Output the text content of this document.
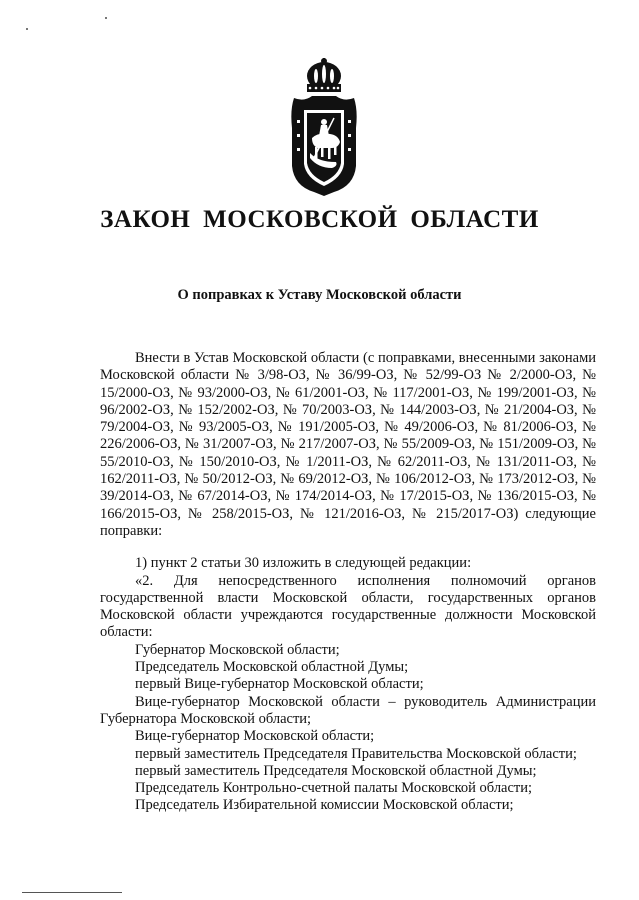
ЗАКОН МОСКОВСКОЙ ОБЛАСТИ
О поправках к Уставу Московской области

Внести в Устав Московской области (с поправками, внесенными законами Московской области № 3/98-ОЗ, № 36/99-ОЗ, № 52/99-ОЗ № 2/2000-ОЗ, № 15/2000-ОЗ, № 93/2000-ОЗ, № 61/2001-ОЗ, № 117/2001-ОЗ, № 199/2001-ОЗ, № 96/2002-ОЗ, № 152/2002-ОЗ, № 70/2003-ОЗ, № 144/2003-ОЗ, № 21/2004-ОЗ, № 79/2004-ОЗ, № 93/2005-ОЗ, № 191/2005-ОЗ, № 49/2006-ОЗ, № 81/2006-ОЗ, № 226/2006-ОЗ, № 31/2007-ОЗ, № 217/2007-ОЗ, № 55/2009-ОЗ, № 151/2009-ОЗ, № 55/2010-ОЗ, № 150/2010-ОЗ, № 1/2011-ОЗ, № 62/2011-ОЗ, № 131/2011-ОЗ, № 162/2011-ОЗ, № 50/2012-ОЗ, № 69/2012-ОЗ, № 106/2012-ОЗ, № 173/2012-ОЗ, № 39/2014-ОЗ, № 67/2014-ОЗ, № 174/2014-ОЗ, № 17/2015-ОЗ, № 136/2015-ОЗ, № 166/2015-ОЗ, № 258/2015-ОЗ, № 121/2016-ОЗ, № 215/2017-ОЗ) следующие поправки:

1) пункт 2 статьи 30 изложить в следующей редакции:

«2. Для непосредственного исполнения полномочий органов государственной власти Московской области, государственных органов Московской области учреждаются государственные должности Московской области:

Губернатор Московской области;

Председатель Московской областной Думы;

первый Вице-губернатор Московской области;

Вице-губернатор Московской области – руководитель Администрации Губернатора Московской области;

Вице-губернатор Московской области;

первый заместитель Председателя Правительства Московской области;

первый заместитель Председателя Московской областной Думы;

Председатель Контрольно-счетной палаты Московской области;

Председатель Избирательной комиссии Московской области;
